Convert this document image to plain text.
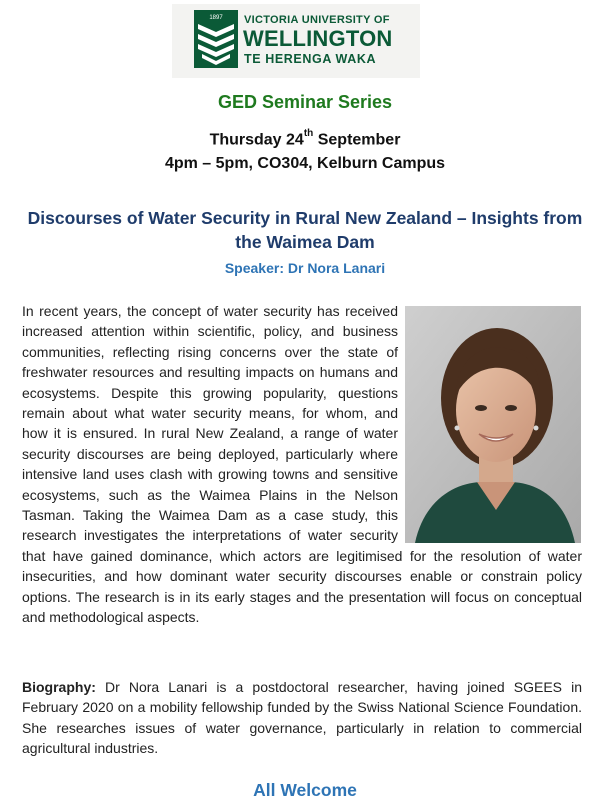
1897 VICTORIA UNIVERSITY OF
WELLINGTON
TE HERENGA WAKA
GED Seminar Series
Thursday 24th September
4pm – 5pm, CO304, Kelburn Campus
Discourses of Water Security in Rural New Zealand – Insights from the Waimea Dam
Speaker: Dr Nora Lanari

In recent years, the concept of water security has received increased attention within scientific, policy, and business communities, reflecting rising concerns over the state of freshwater resources and resulting impacts on humans and ecosystems. Despite this growing popularity, questions remain about what water security means, for whom, and how it is ensured. In rural New Zealand, a range of water security discourses are being deployed, particularly where intensive land uses clash with growing towns and sensitive ecosystems, such as the Waimea Plains in the Nelson Tasman. Taking the Waimea Dam as a case study, this research investigates the interpretations of water security that have gained dominance, which actors are legitimised for the resolution of water insecurities, and how dominant water security discourses enable or constrain policy options. The research is in its early stages and the presentation will focus on conceptual and methodological aspects.

Biography: Dr Nora Lanari is a postdoctoral researcher, having joined SGEES in February 2020 on a mobility fellowship funded by the Swiss National Science Foundation. She researches issues of water governance, particularly in relation to commercial agricultural industries.

All Welcome
